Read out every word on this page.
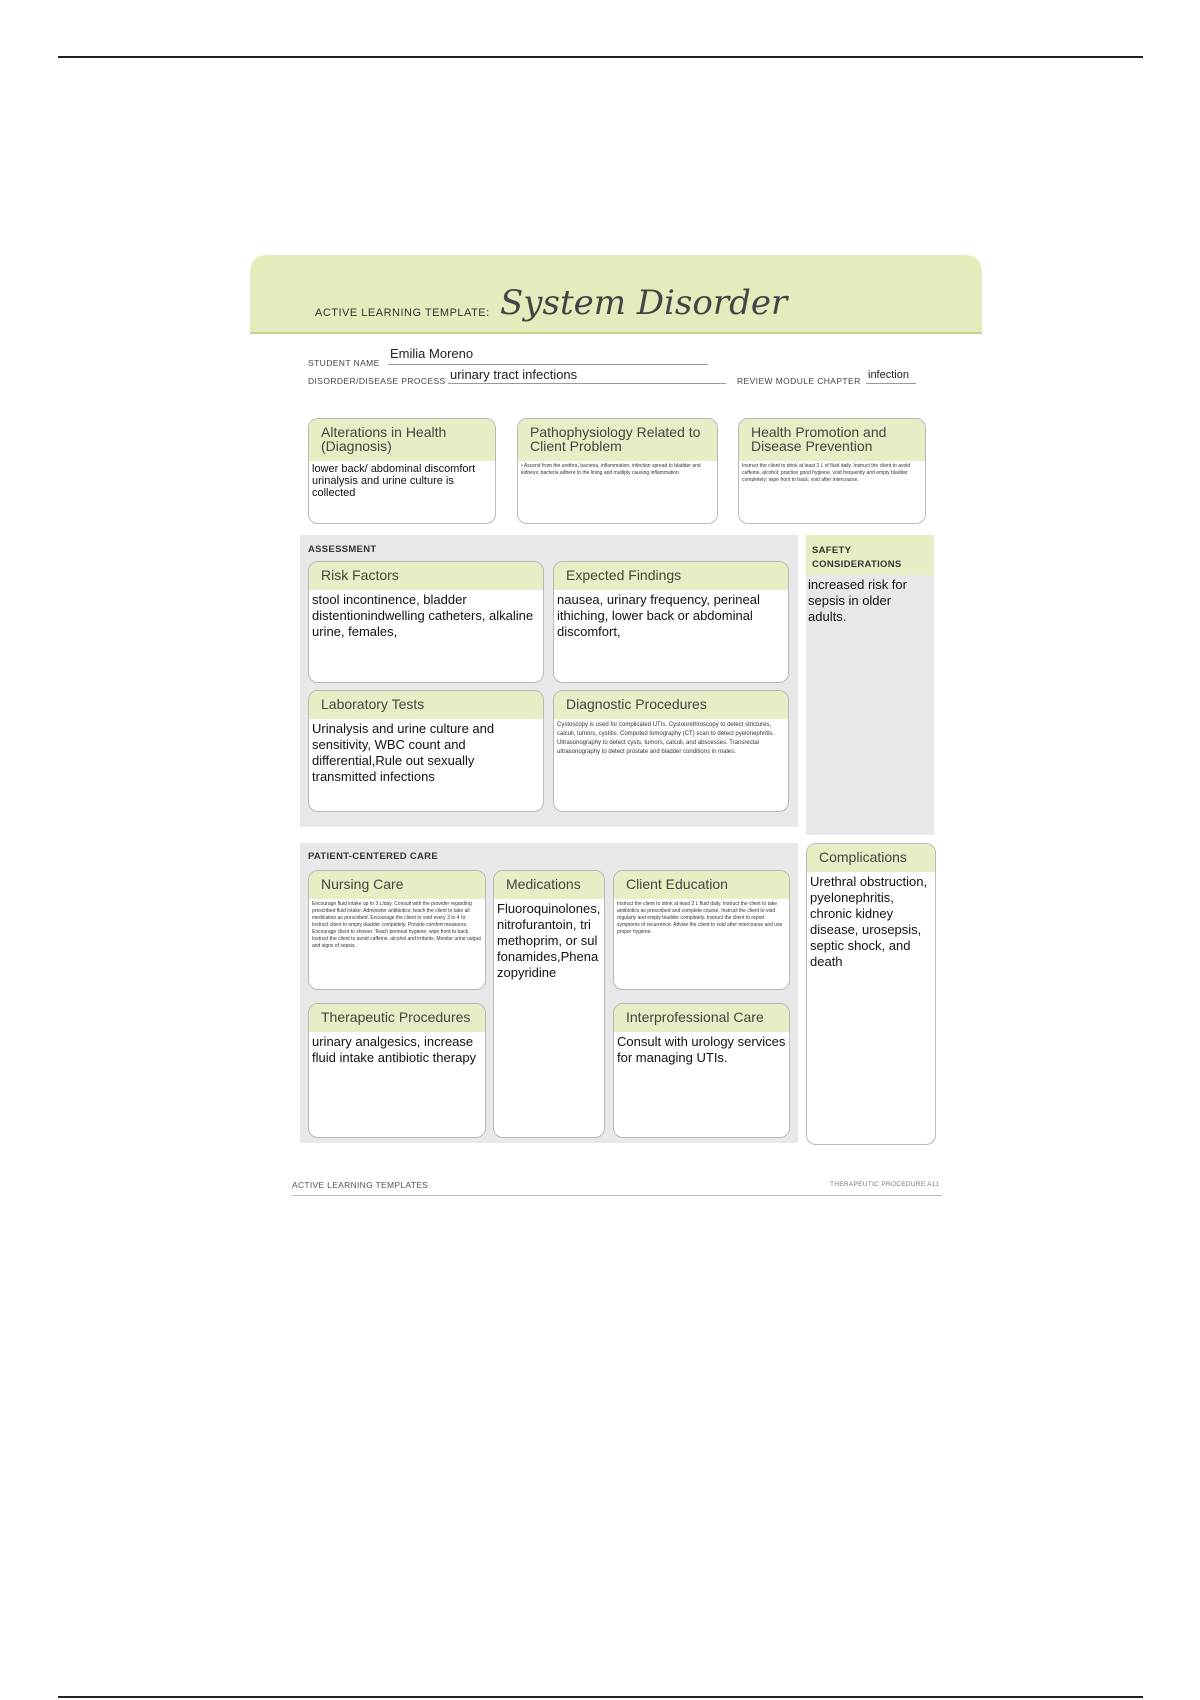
ACTIVE LEARNING TEMPLATE: System Disorder
STUDENT NAME
Emilia Moreno
DISORDER/DISEASE PROCESS urinary tract infections	REVIEW MODULE CHAPTER infection
Alterations in Health (Diagnosis)
lower back/ abdominal discomfort urinalysis and urine culture is collected
Pathophysiology Related to Client Problem
• Ascend from the urethra, bacteria, inflammation, infection spread to bladder and kidneys; bacteria adhere to the lining and multiply causing inflammation
Health Promotion and Disease Prevention
Instruct the client to drink at least 2 L of fluid daily. Instruct the client to avoid caffeine, alcohol; practice good hygiene, void frequently and empty bladder completely; wipe front to back; void after intercourse.
ASSESSMENT
Risk Factors
stool incontinence, bladder distentionindwelling catheters, alkaline urine, females,
Expected Findings
nausea, urinary frequency, perineal ithiching, lower back or abdominal discomfort,
Laboratory Tests
Urinalysis and urine culture and sensitivity, WBC count and differential,Rule out sexually transmitted infections
Diagnostic Procedures
Cystoscopy is used for complicated UTIs. Cystourethroscopy to detect strictures, calculi, tumors, cystitis. Computed tomography (CT) scan to detect pyelonephritis. Ultrasonography to detect cysts, tumors, calculi, and abscesses. Transrectal ultrasonography to detect prostate and bladder conditions in males.
SAFETY CONSIDERATIONS
increased risk for sepsis in older adults.
PATIENT-CENTERED CARE
Nursing Care
Encourage fluid intake up to 3 L/day. Consult with the provider regarding prescribed fluid intake. Administer antibiotics; teach the client to take all medication as prescribed. Encourage the client to void every 3 to 4 hr. Instruct client to empty bladder completely. Provide comfort measures. Encourage client to shower. Teach perineal hygiene; wipe front to back. Instruct the client to avoid caffeine, alcohol and irritants. Monitor urine output and signs of sepsis.
Medications
Fluoroquinolones, nitrofurantoin, trimethoprim, or sulfonamides,Phenazopyridine
Client Education
Instruct the client to drink at least 2 L fluid daily. Instruct the client to take antibiotics as prescribed and complete course. Instruct the client to void regularly and empty bladder completely. Instruct the client to report symptoms of recurrence. Advise the client to void after intercourse and use proper hygiene.
Therapeutic Procedures
urinary analgesics, increase fluid intake antibiotic therapy
Interprofessional Care
Consult with urology services for managing UTIs.
Complications
Urethral obstruction, pyelonephritis, chronic kidney disease, urosepsis, septic shock, and death
ACTIVE LEARNING TEMPLATES	THERAPEUTIC PROCEDURE A11
